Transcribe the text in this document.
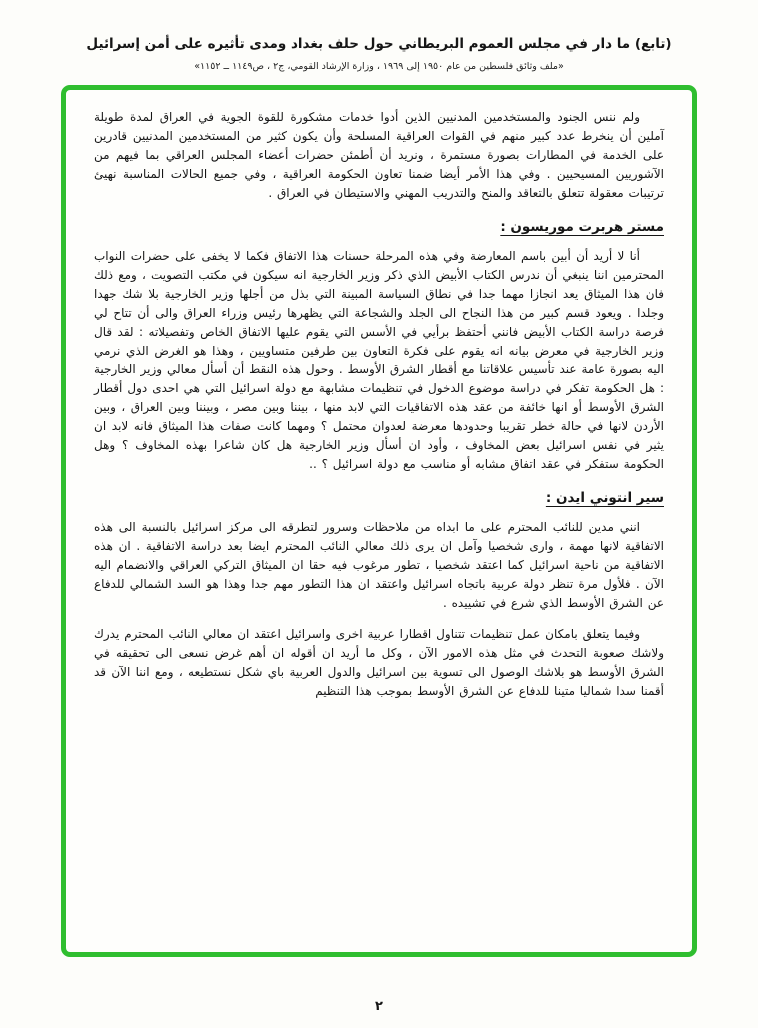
(تابع) ما دار في مجلس العموم البريطاني حول حلف بغداد ومدى تأثيره على أمن إسرائيل
«ملف وثائق فلسطين من عام ١٩٥٠ إلى ١٩٦٩ ، وزارة الإرشاد القومي، ج٢ ، ص١١٤٩ ــ ١١٥٢»

ولم ننس الجنود والمستخدمين المدنيين الذين أدوا خدمات مشكورة للقوة الجوية في العراق لمدة طويلة آملين أن ينخرط عدد كبير منهم في القوات العراقية المسلحة وأن يكون كثير من المستخدمين المدنيين قادرين على الخدمة في المطارات بصورة مستمرة ، ونريد أن أطمئن حضرات أعضاء المجلس العراقي بما فيهم من الآشوريين المسيحيين . وفي هذا الأمر أيضا ضمنا تعاون الحكومة العراقية ، وفي جميع الحالات المناسبة نهيئ ترتيبات معقولة تتعلق بالتعاقد والمنح والتدريب المهني والاستيطان في العراق .

مستر هربرت موريسون :

أنا لا أريد أن أبين باسم المعارضة وفي هذه المرحلة حسنات هذا الاتفاق فكما لا يخفى على حضرات النواب المحترمين اننا ينبغي أن ندرس الكتاب الأبيض الذي ذكر وزير الخارجية انه سيكون في مكتب التصويت ، ومع ذلك فان هذا الميثاق يعد انجازا مهما جدا في نطاق السياسة المبينة التي بذل من أجلها وزير الخارجية بلا شك جهدا وجلدا . ويعود قسم كبير من هذا النجاح الى الجلد والشجاعة التي يظهرها رئيس وزراء العراق والى أن تتاح لي فرصة دراسة الكتاب الأبيض فانني أحتفظ برأيي في الأسس التي يقوم عليها الاتفاق الخاص وتفصيلاته : لقد قال وزير الخارجية في معرض بيانه انه يقوم على فكرة التعاون بين طرفين متساويين ، وهذا هو الغرض الذي نرمي اليه بصورة عامة عند تأسيس علاقاتنا مع أقطار الشرق الأوسط . وحول هذه النقط أن أسأل معالي وزير الخارجية : هل الحكومة تفكر في دراسة موضوع الدخول في تنظيمات مشابهة مع دولة اسرائيل التي هي احدى دول أقطار الشرق الأوسط أو انها خائفة من عقد هذه الاتفاقيات التي لابد منها ، بيننا وبين مصر ، وبيننا وبين العراق ، وبين الأردن لانها في حالة خطر تقريبا وحدودها معرضة لعدوان محتمل ؟ ومهما كانت صفات هذا الميثاق فانه لابد ان يثير في نفس اسرائيل بعض المخاوف ، وأود ان أسأل وزير الخارجية هل كان شاعرا بهذه المخاوف ؟ وهل الحكومة ستفكر في عقد اتفاق مشابه أو مناسب مع دولة اسرائيل ؟ ..

سير انتوني ايدن :

انني مدين للنائب المحترم على ما ابداه من ملاحظات وسرور لتطرقه الى مركز اسرائيل بالنسبة الى هذه الاتفاقية لانها مهمة ، وارى شخصيا وآمل ان يرى ذلك معالي النائب المحترم ايضا بعد دراسة الاتفاقية . ان هذه الاتفاقية من ناحية اسرائيل كما اعتقد شخصيا ، تطور مرغوب فيه حقا ان الميثاق التركي العراقي والانضمام اليه الآن . فلأول مرة تنظر دولة عربية باتجاه اسرائيل واعتقد ان هذا التطور مهم جدا وهذا هو السد الشمالي للدفاع عن الشرق الأوسط الذي شرع في تشييده .

وفيما يتعلق بامكان عمل تنظيمات تتناول اقطارا عربية اخرى واسرائيل اعتقد ان معالي النائب المحترم يدرك ولاشك صعوبة التحدث في مثل هذه الامور الآن ، وكل ما أريد ان أقوله ان أهم غرض نسعى الى تحقيقه في الشرق الأوسط هو بلاشك الوصول الى تسوية بين اسرائيل والدول العربية باي شكل نستطيعه ، ومع اننا الآن قد أقمنا سدا شماليا متينا للدفاع عن الشرق الأوسط بموجب هذا التنظيم

٢
